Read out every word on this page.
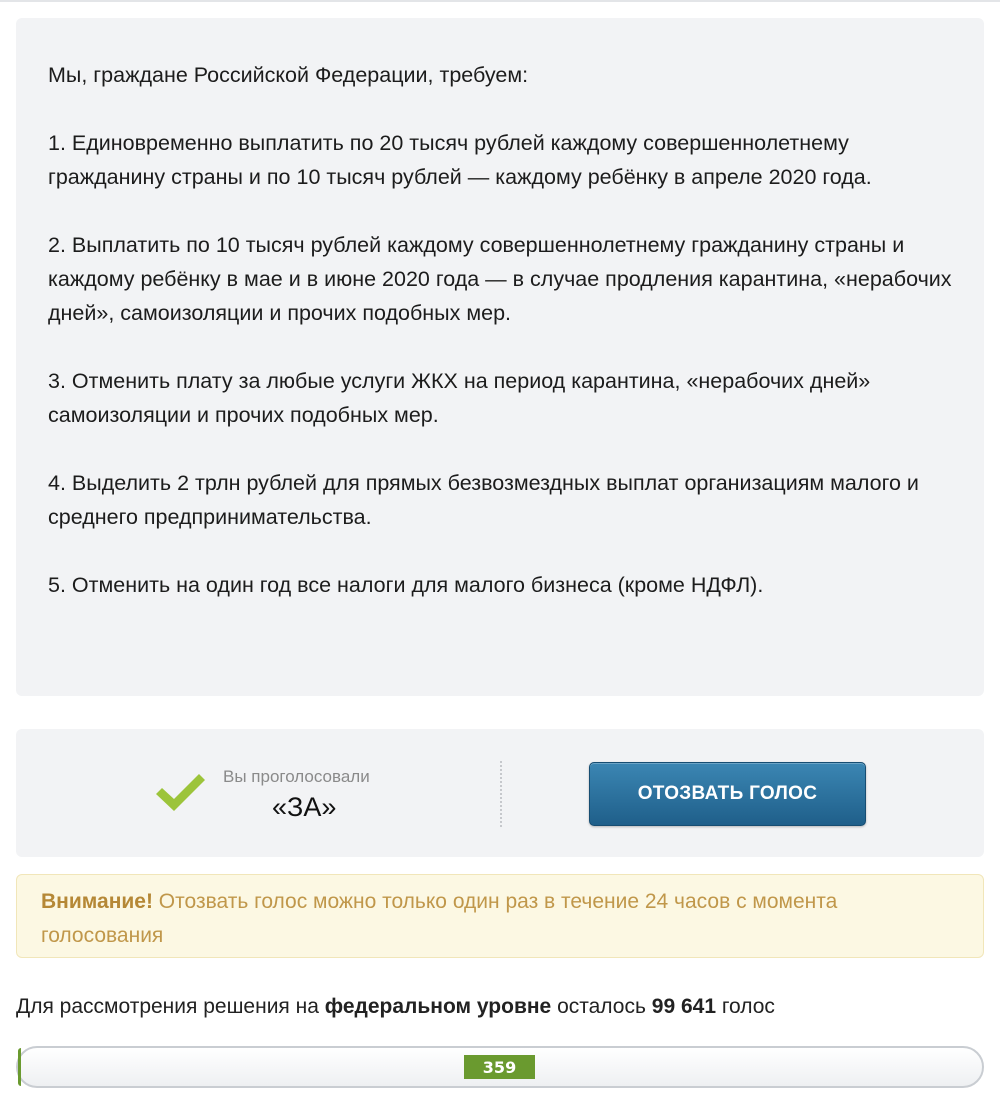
Мы, граждане Российской Федерации, требуем:

1. Единовременно выплатить по 20 тысяч рублей каждому совершеннолетнему гражданину страны и по 10 тысяч рублей — каждому ребёнку в апреле 2020 года.

2. Выплатить по 10 тысяч рублей каждому совершеннолетнему гражданину страны и каждому ребёнку в мае и в июне 2020 года — в случае продления карантина, «нерабочих дней», самоизоляции и прочих подобных мер.

3. Отменить плату за любые услуги ЖКХ на период карантина, «нерабочих дней» самоизоляции и прочих подобных мер.

4. Выделить 2 трлн рублей для прямых безвозмездных выплат организациям малого и среднего предпринимательства.

5. Отменить на один год все налоги для малого бизнеса (кроме НДФЛ).

Вы проголосовали
«ЗА»	ОТОЗВАТЬ ГОЛОС
Внимание! Отозвать голос можно только один раз в течение 24 часов с момента голосования
Для рассмотрения решения на федеральном уровне осталось 99 641 голос
359
